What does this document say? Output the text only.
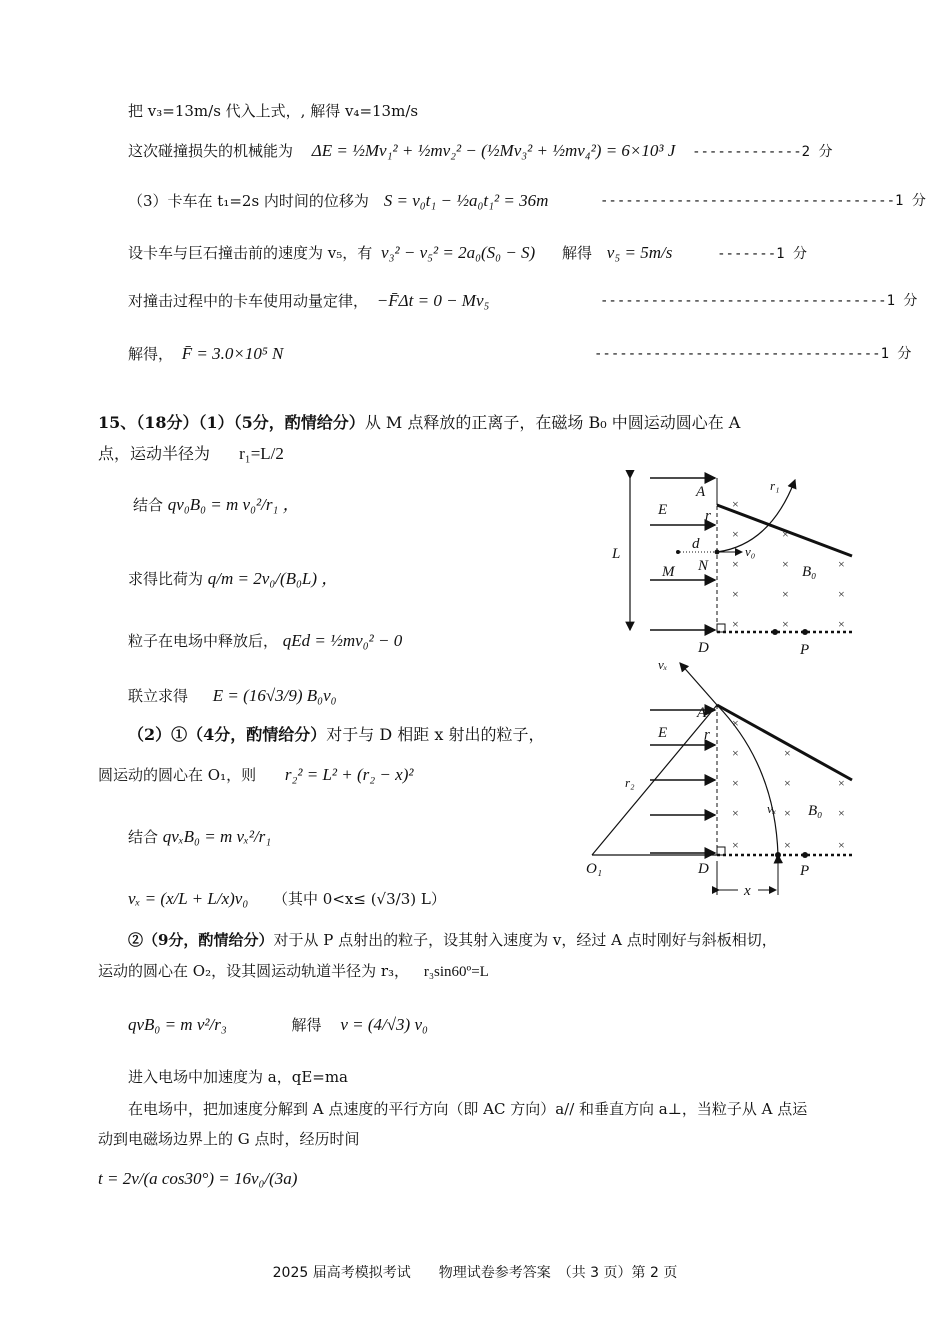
把 v₃=13m/s 代入上式，, 解得 v₄=13m/s
这次碰撞损失的机械能为 ΔE = ½Mv₁² + ½mv₂² − (½Mv₃² + ½mv₄²) = 6×10³ J -------------2 分
（3）卡车在 t₁=2s 内时间的位移为 S = v₀t₁ − ½a₀t₁² = 36m	-----------------------------------1 分
设卡车与巨石撞击前的速度为 v₅，有 v₃² − v₅² = 2a₀(S₀ − S) 解得 v₅ = 5m/s	-------1 分
对撞击过程中的卡车使用动量定律， −F̄Δt = 0 − Mv₅	----------------------------------1 分
解得， F̄ = 3.0×10⁵ N	----------------------------------1 分
15、（18分）（1）（5分，酌情给分）从 M 点释放的正离子，在磁场 B₀ 中圆运动圆心在 A
点，运动半径为 r₁=L/2
结合 qv₀B₀ = m v₀²/r₁ ，
求得比荷为 q/m = 2v₀/(B₀L) ，
粒子在电场中释放后， qEd = ½mv₀² − 0
联立求得 E = (16√3/9) B₀v₀
（2）①（4分，酌情给分）对于与 D 相距 x 射出的粒子，
圆运动的圆心在 O₁，则 r₂² = L² + (r₂ − x)²
结合 qvₓB₀ = m vₓ²/r₁
vₓ = (x/L + L/x)v₀ （其中 0<x≤ (√3/3) L）
②（9分，酌情给分）对于从 P 点射出的粒子，设其射入速度为 v，经过 A 点时刚好与斜板相切，
运动的圆心在 O₂，设其圆运动轨道半径为 r₃， r₃sin60º=L
qvB₀ = m v²/r₃	解得 v = (4/√3) v₀
进入电场中加速度为 a，qE=ma
在电场中，把加速度分解到 A 点速度的平行方向（即 AC 方向）a// 和垂直方向 a⊥，当粒子从 A 点运
动到电磁场边界上的 G 点时，经历时间
t = 2v/(a cos30°) = 16v₀/(3a)
×
×
×
×
×
×
×
×
×
×
×
×
A	r₁
E	r
L
d	v₀
M N	B₀
D	P
×
×
×
×
×
×
×
×
×
×
×
×
vₓ
A
E r
r₂
vₓ B₀
O₁	D	P
x
2025 届高考模拟考试　　物理试卷参考答案　（共 3 页）第 2 页
